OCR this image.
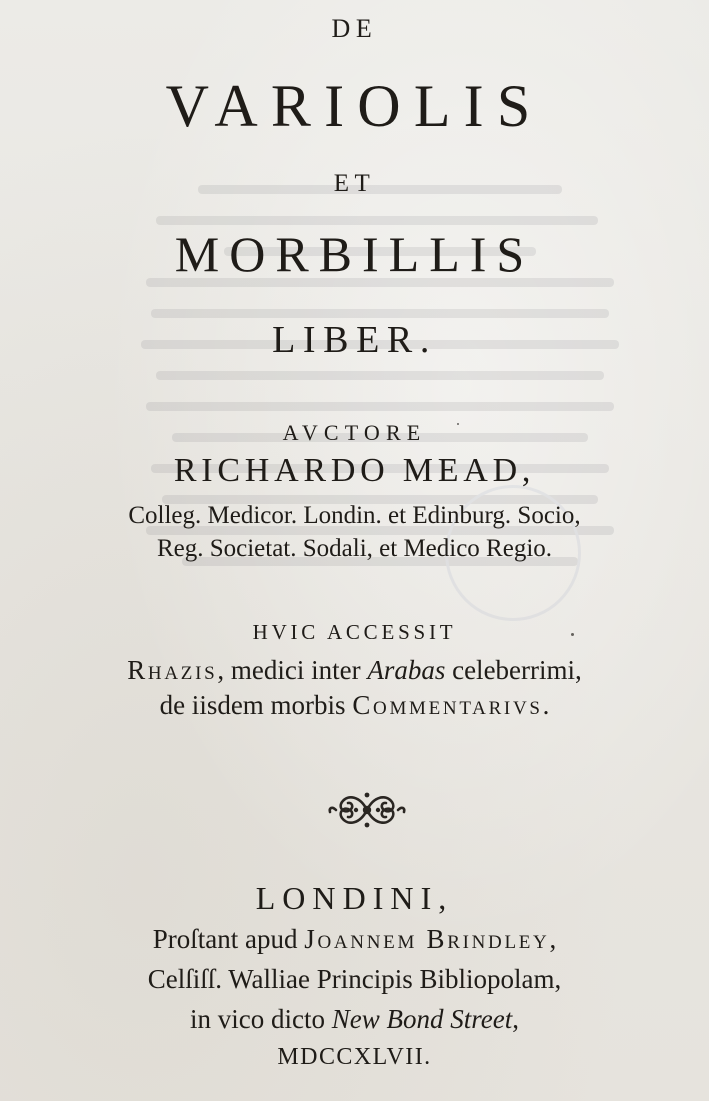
DE

VARIOLIS

ET

MORBILLIS

LIBER.

AVCTORE

RICHARDO MEAD,

Colleg. Medicor. Londin. et Edinburg. Socio,

Reg. Societat. Sodali, et Medico Regio.

HVIC ACCESSIT

Rhazis, medici inter Arabas celeberrimi,

de iisdem morbis Commentarivs.

LONDINI,

Proſtant apud Joannem Brindley,

Celſiſſ. Walliae Principis Bibliopolam,

in vico dicto New Bond Street,

MDCCXLVII.
